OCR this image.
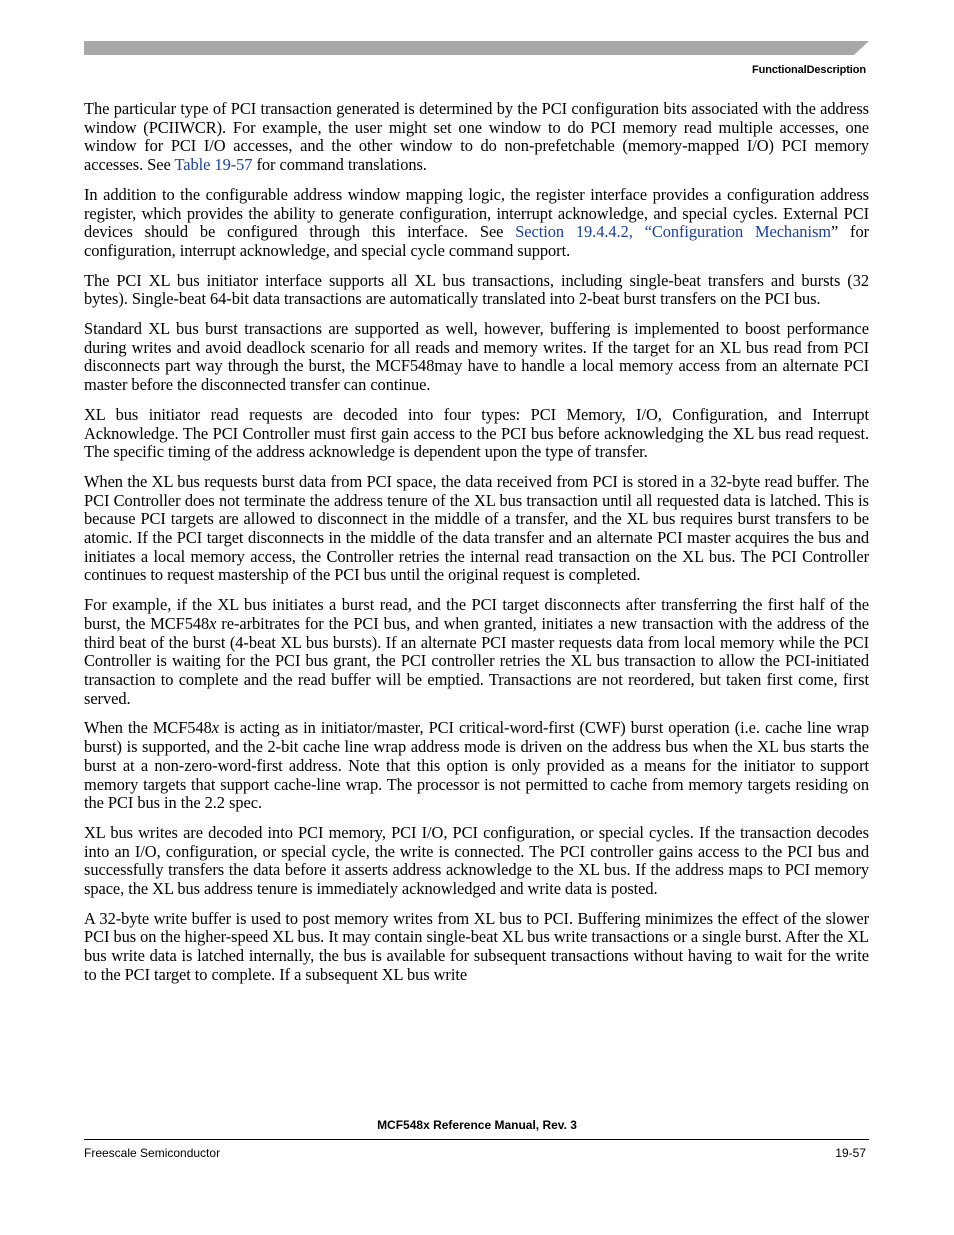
FunctionalDescription

The particular type of PCI transaction generated is determined by the PCI configuration bits associated with the address window (PCIIWCR). For example, the user might set one window to do PCI memory read multiple accesses, one window for PCI I/O accesses, and the other window to do non-prefetchable (memory-mapped I/O) PCI memory accesses. See Table 19-57 for command translations.

In addition to the configurable address window mapping logic, the register interface provides a configuration address register, which provides the ability to generate configuration, interrupt acknowledge, and special cycles. External PCI devices should be configured through this interface. See Section 19.4.4.2, “Configuration Mechanism” for configuration, interrupt acknowledge, and special cycle command support.

The PCI XL bus initiator interface supports all XL bus transactions, including single-beat transfers and bursts (32 bytes). Single-beat 64-bit data transactions are automatically translated into 2-beat burst transfers on the PCI bus.

Standard XL bus burst transactions are supported as well, however, buffering is implemented to boost performance during writes and avoid deadlock scenario for all reads and memory writes. If the target for an XL bus read from PCI disconnects part way through the burst, the MCF548may have to handle a local memory access from an alternate PCI master before the disconnected transfer can continue.

XL bus initiator read requests are decoded into four types: PCI Memory, I/O, Configuration, and Interrupt Acknowledge. The PCI Controller must first gain access to the PCI bus before acknowledging the XL bus read request. The specific timing of the address acknowledge is dependent upon the type of transfer.

When the XL bus requests burst data from PCI space, the data received from PCI is stored in a 32-byte read buffer. The PCI Controller does not terminate the address tenure of the XL bus transaction until all requested data is latched. This is because PCI targets are allowed to disconnect in the middle of a transfer, and the XL bus requires burst transfers to be atomic. If the PCI target disconnects in the middle of the data transfer and an alternate PCI master acquires the bus and initiates a local memory access, the Controller retries the internal read transaction on the XL bus. The PCI Controller continues to request mastership of the PCI bus until the original request is completed.

For example, if the XL bus initiates a burst read, and the PCI target disconnects after transferring the first half of the burst, the MCF548x re-arbitrates for the PCI bus, and when granted, initiates a new transaction with the address of the third beat of the burst (4-beat XL bus bursts). If an alternate PCI master requests data from local memory while the PCI Controller is waiting for the PCI bus grant, the PCI controller retries the XL bus transaction to allow the PCI-initiated transaction to complete and the read buffer will be emptied. Transactions are not reordered, but taken first come, first served.

When the MCF548x is acting as in initiator/master, PCI critical-word-first (CWF) burst operation (i.e. cache line wrap burst) is supported, and the 2-bit cache line wrap address mode is driven on the address bus when the XL bus starts the burst at a non-zero-word-first address. Note that this option is only provided as a means for the initiator to support memory targets that support cache-line wrap. The processor is not permitted to cache from memory targets residing on the PCI bus in the 2.2 spec.

XL bus writes are decoded into PCI memory, PCI I/O, PCI configuration, or special cycles. If the transaction decodes into an I/O, configuration, or special cycle, the write is connected. The PCI controller gains access to the PCI bus and successfully transfers the data before it asserts address acknowledge to the XL bus. If the address maps to PCI memory space, the XL bus address tenure is immediately acknowledged and write data is posted.

A 32-byte write buffer is used to post memory writes from XL bus to PCI. Buffering minimizes the effect of the slower PCI bus on the higher-speed XL bus. It may contain single-beat XL bus write transactions or a single burst. After the XL bus write data is latched internally, the bus is available for subsequent transactions without having to wait for the write to the PCI target to complete. If a subsequent XL bus write

MCF548x Reference Manual, Rev. 3
Freescale Semiconductor	19-57
